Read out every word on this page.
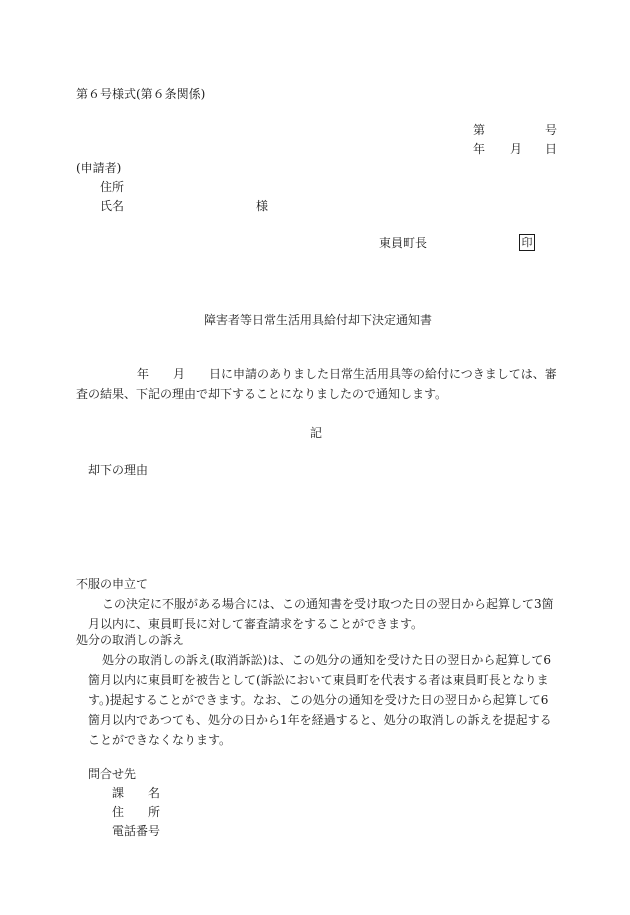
第６号様式(第６条関係)
第	号
年 月 日
(申請者)
住所
氏名	様
東員町長	印
障害者等日常生活用具給付却下決定通知書
年 月 日に申請のありました日常生活用具等の給付につきましては、審
査の結果、下記の理由で却下することになりましたので通知します。
記
却下の理由
不服の申立て
この決定に不服がある場合には、この通知書を受け取つた日の翌日から起算して3箇月以内に、東員町長に対して審査請求をすることができます。
処分の取消しの訴え
処分の取消しの訴え(取消訴訟)は、この処分の通知を受けた日の翌日から起算して6箇月以内に東員町を被告として(訴訟において東員町を代表する者は東員町長となります。)提起することができます。なお、この処分の通知を受けた日の翌日から起算して6箇月以内であつても、処分の日から1年を経過すると、処分の取消しの訴えを提起することができなくなります。
問合せ先
課　　名
住　　所
電話番号
